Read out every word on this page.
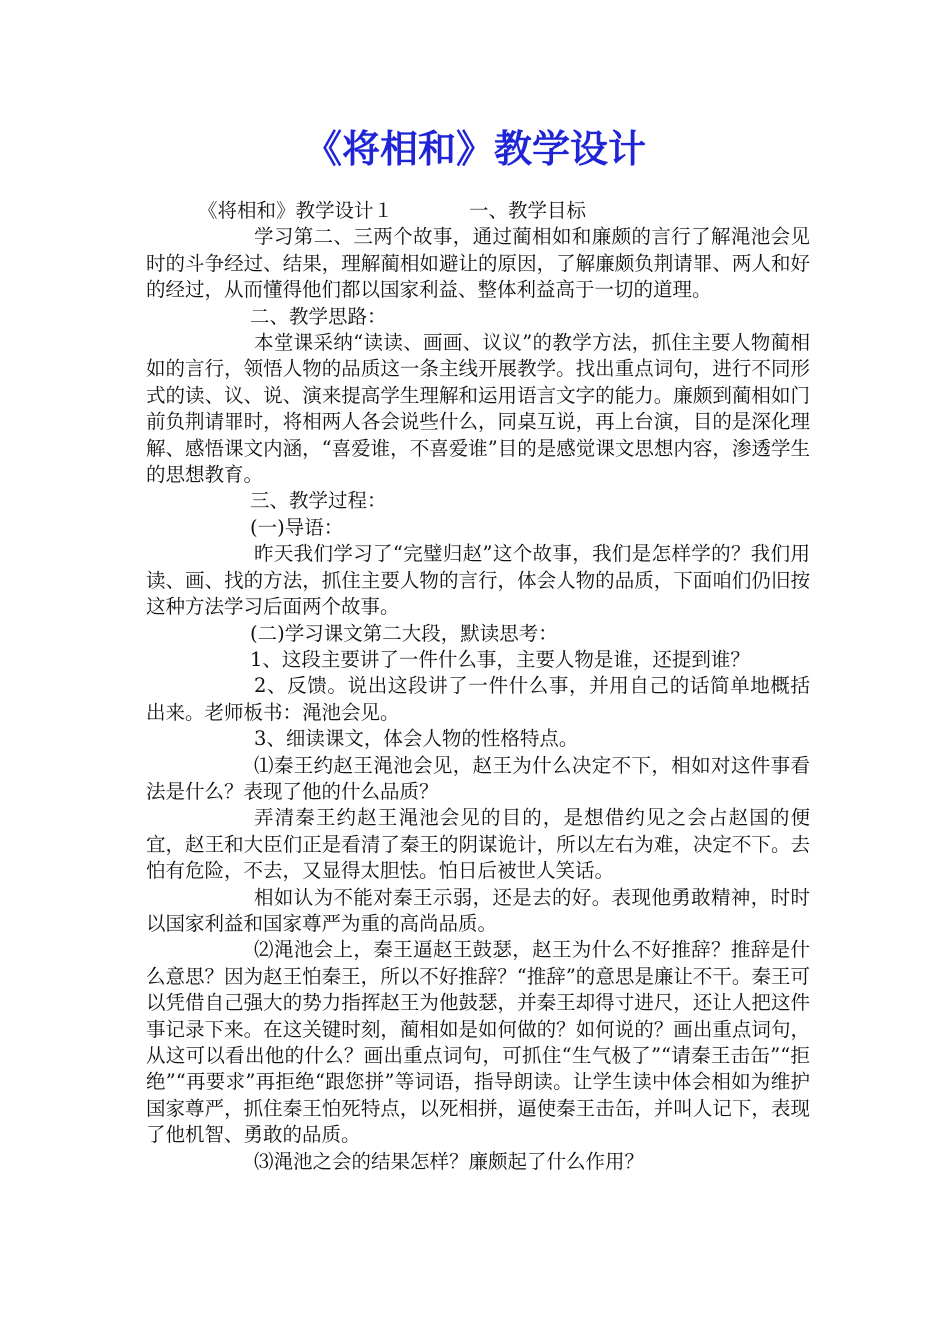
《将相和》教学设计

《将相和》教学设计１	一、教学目标

学习第二、三两个故事，通过蔺相如和廉颇的言行了解渑池会见时的斗争经过、结果，理解蔺相如避让的原因，了解廉颇负荆请罪、两人和好的经过，从而懂得他们都以国家利益、整体利益高于一切的道理。

二、教学思路：

本堂课采纳“读读、画画、议议”的教学方法，抓住主要人物蔺相如的言行，领悟人物的品质这一条主线开展教学。找出重点词句，进行不同形式的读、议、说、演来提高学生理解和运用语言文字的能力。廉颇到蔺相如门前负荆请罪时，将相两人各会说些什么，同桌互说，再上台演，目的是深化理解、感悟课文内涵，“喜爱谁，不喜爱谁”目的是感觉课文思想内容，渗透学生的思想教育。

三、教学过程：

(一)导语：

昨天我们学习了“完璧归赵”这个故事，我们是怎样学的？我们用读、画、找的方法，抓住主要人物的言行，体会人物的品质，下面咱们仍旧按这种方法学习后面两个故事。

(二)学习课文第二大段，默读思考：

1、这段主要讲了一件什么事，主要人物是谁，还提到谁？

2、反馈。说出这段讲了一件什么事，并用自己的话简单地概括出来。老师板书：渑池会见。

3、细读课文，体会人物的性格特点。

⑴秦王约赵王渑池会见，赵王为什么决定不下，相如对这件事看法是什么？表现了他的什么品质？

弄清秦王约赵王渑池会见的目的，是想借约见之会占赵国的便宜，赵王和大臣们正是看清了秦王的阴谋诡计，所以左右为难，决定不下。去怕有危险，不去，又显得太胆怯。怕日后被世人笑话。

相如认为不能对秦王示弱，还是去的好。表现他勇敢精神，时时以国家利益和国家尊严为重的高尚品质。

⑵渑池会上，秦王逼赵王鼓瑟，赵王为什么不好推辞？推辞是什么意思？因为赵王怕秦王，所以不好推辞？“推辞”的意思是廉让不干。秦王可以凭借自己强大的势力指挥赵王为他鼓瑟，并秦王却得寸进尺，还让人把这件事记录下来。在这关键时刻，蔺相如是如何做的？如何说的？画出重点词句，从这可以看出他的什么？画出重点词句，可抓住“生气极了”“请秦王击缶”“拒绝”“再要求”再拒绝“跟您拼”等词语，指导朗读。让学生读中体会相如为维护国家尊严，抓住秦王怕死特点，以死相拼，逼使秦王击缶，并叫人记下，表现了他机智、勇敢的品质。

⑶渑池之会的结果怎样？廉颇起了什么作用？
